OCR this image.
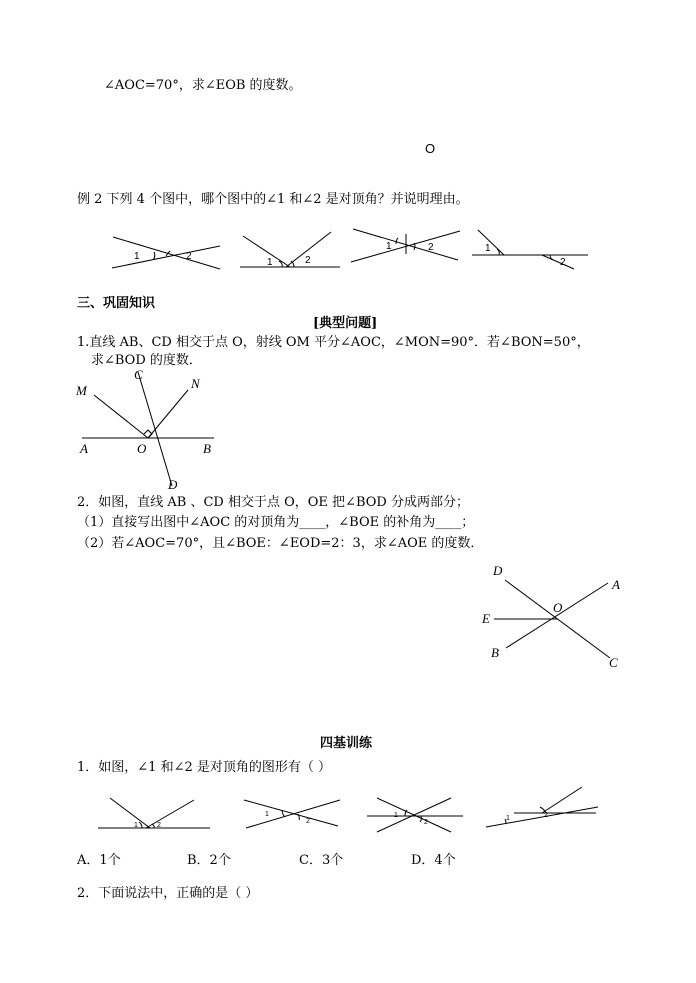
∠AOC=70°，求∠EOB 的度数。
O
例 2 下列 4 个图中，哪个图中的∠1 和∠2 是对顶角？并说明理由。
1	2
1	2
1	2	1
2
三、巩固知识
[典型问题]
1.直线 AB、CD 相交于点 O，射线 OM 平分∠AOC，∠MON=90°．若∠BON=50°，
求∠BOD 的度数．
M
C
N
A	O	B
D
2．如图，直线 AB 、CD 相交于点 O，OE 把∠BOD 分成两部分；
（1）直接写出图中∠AOC 的对顶角为____，∠BOE 的补角为____；
（2）若∠AOC=70°，且∠BOE：∠EOD=2：3，求∠AOE 的度数．
D
A
O
E
B
C
四基训练
1．如图，∠1 和∠2 是对顶角的图形有（ ）
1	2
1
2
1
2
1	2
A．1个	B．2个	C．3个	D．4个
2．下面说法中，正确的是（ ）
